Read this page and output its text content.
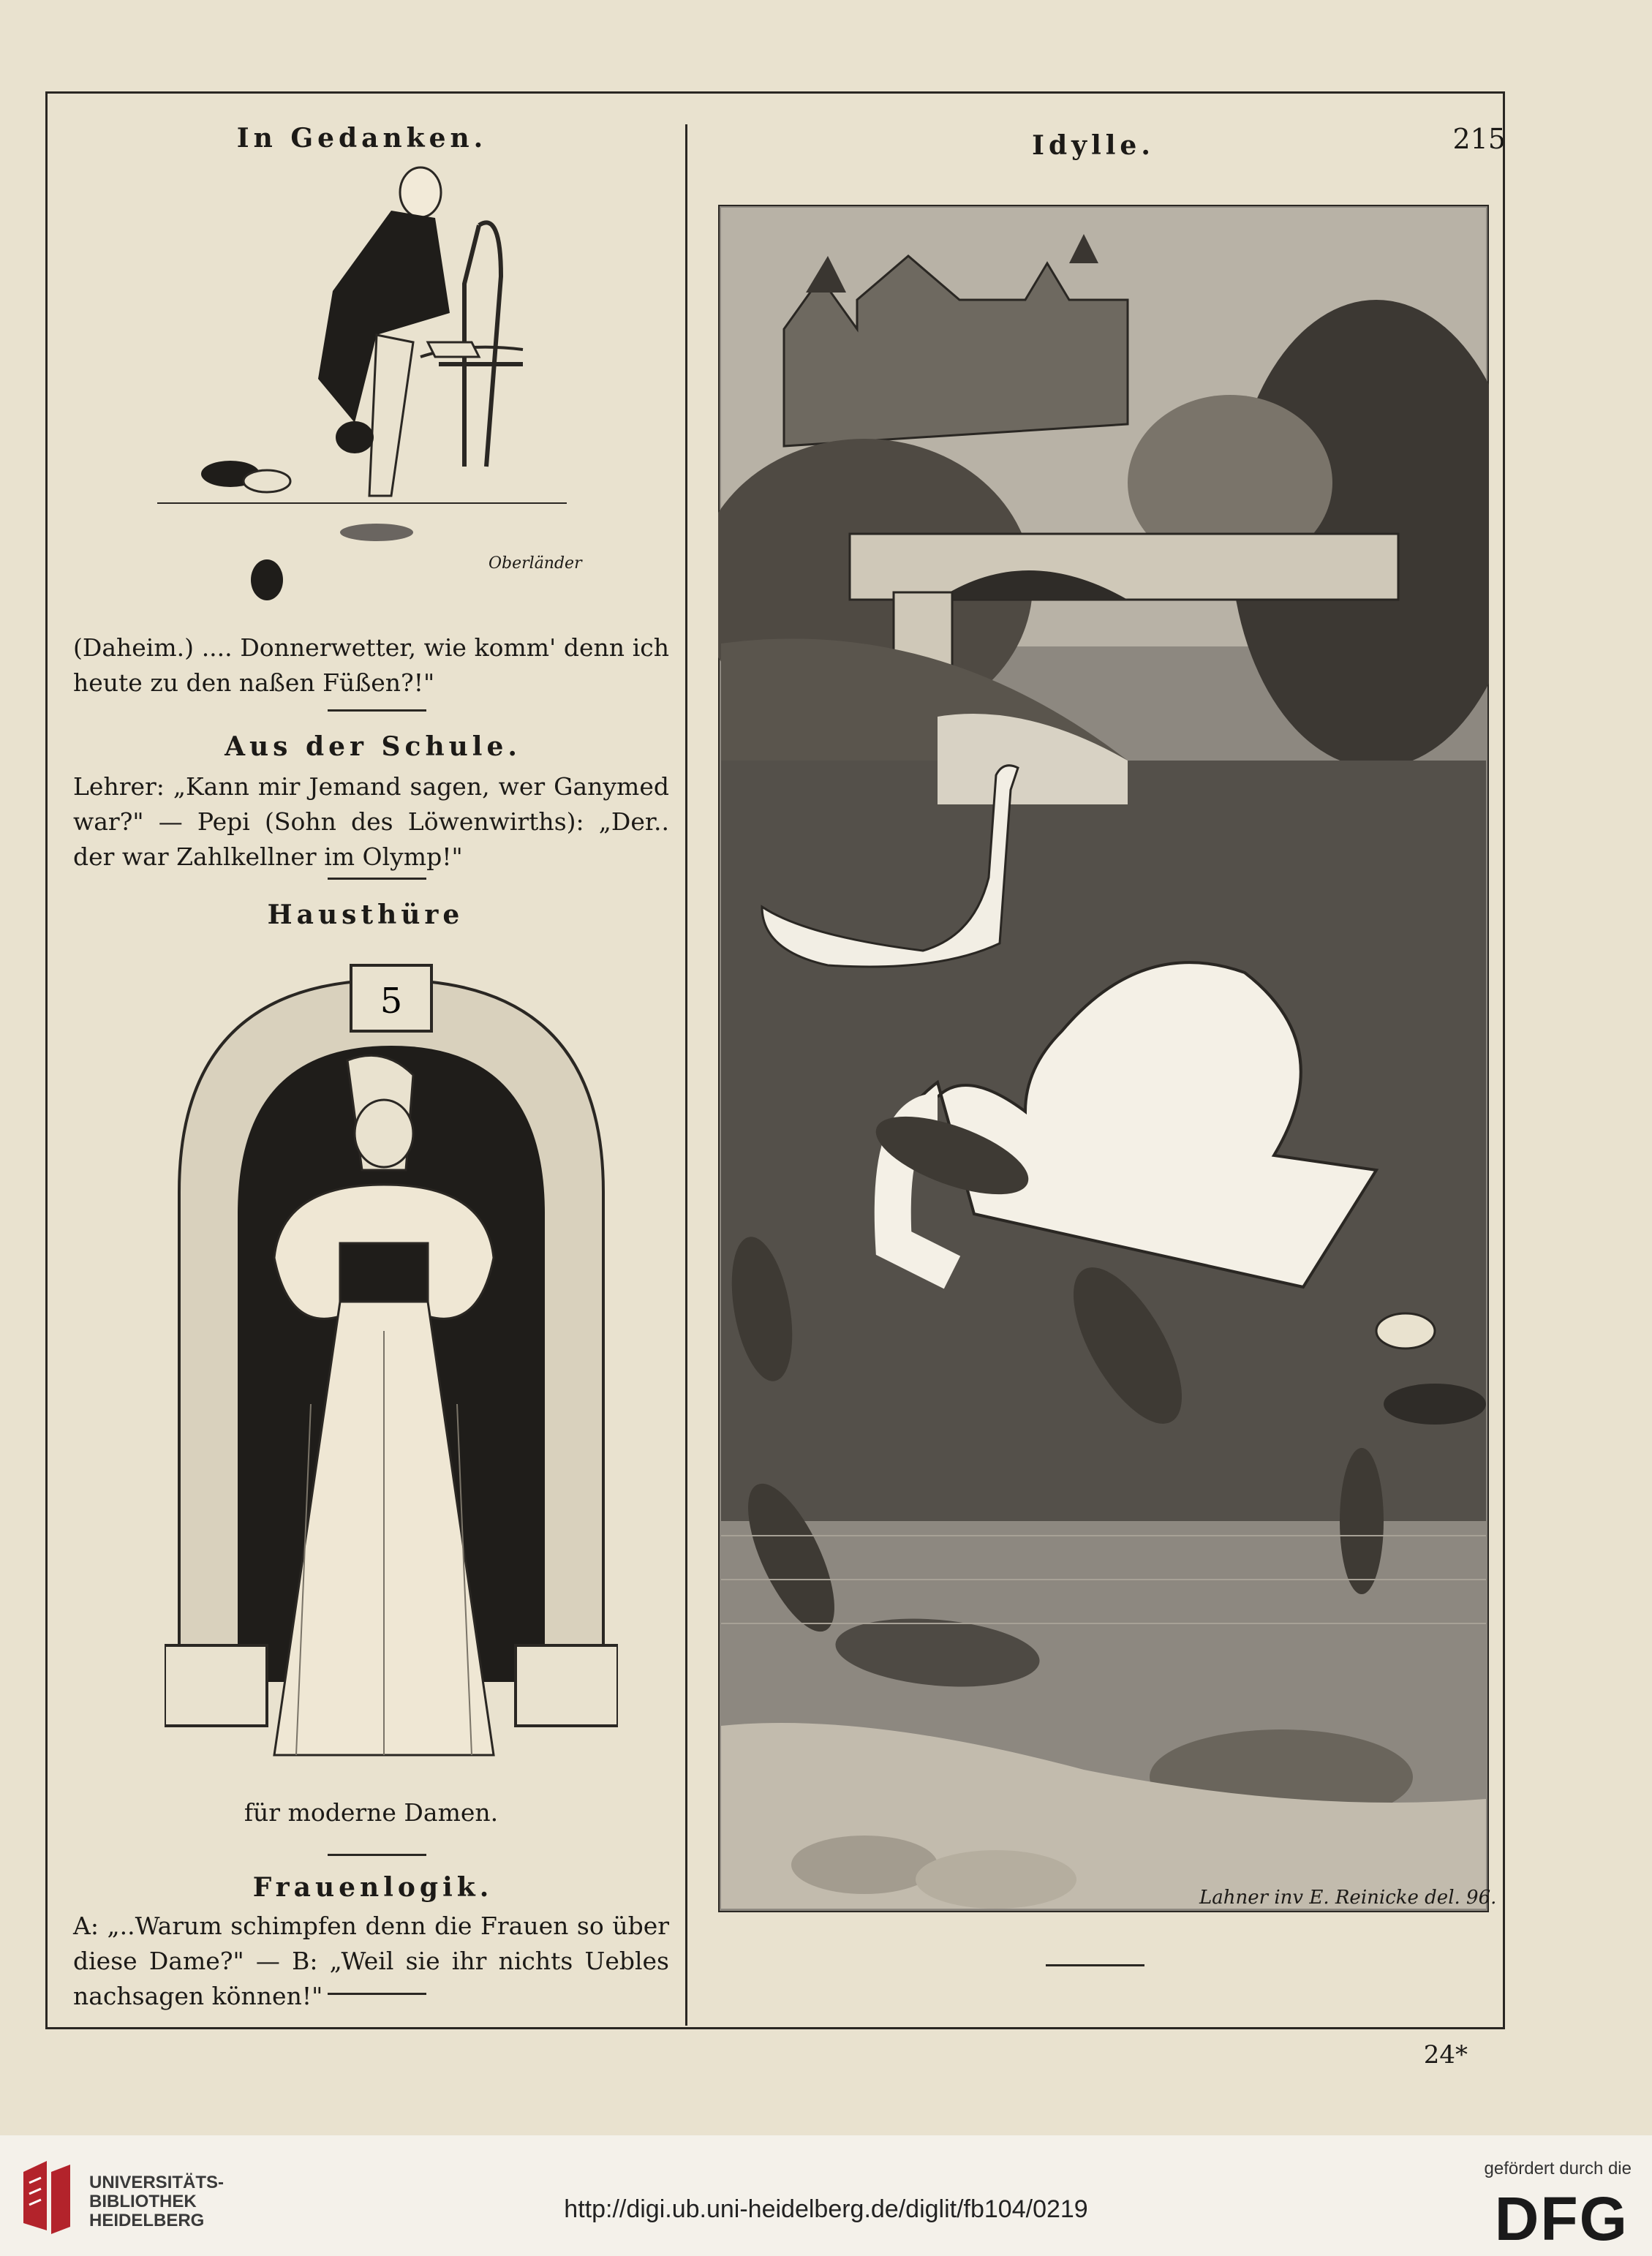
215
In Gedanken.
Oberländer
(Daheim.) .... Donnerwetter, wie komm' denn ich heute zu den naßen Füßen?!"
Aus der Schule.
Lehrer: „Kann mir Jemand sagen, wer Ganymed war?" — Pepi (Sohn des Löwenwirths): „Der.. der war Zahlkellner im Olymp!"
Hausthüre
5
für moderne Damen.
Frauenlogik.
A: „..Warum schimpfen denn die Frauen so über diese Dame?" — B: „Weil sie ihr nichts Uebles nachsagen können!"
Idylle.
Lahner inv E. Reinicke del. 96.
24*
UNIVERSITÄTS-
BIBLIOTHEK
HEIDELBERG	http://digi.ub.uni-heidelberg.de/diglit/fb104/0219
gefördert durch die
DFG
